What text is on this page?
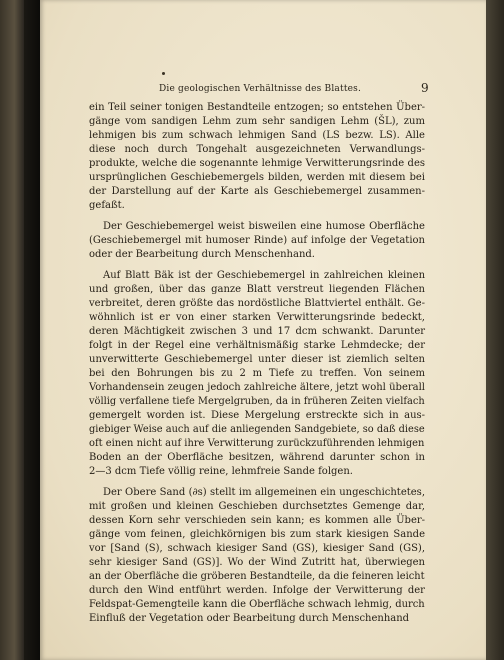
Die geologischen Verhältnisse des Blattes.	9

ein Teil seiner tonigen Bestandteile entzogen; so entstehen Über-
gänge vom sandigen Lehm zum sehr sandigen Lehm (ŠL), zum
lehmigen bis zum schwach lehmigen Sand (LS bezw. LS). Alle
diese noch durch Tongehalt ausgezeichneten Verwandlungs-
produkte, welche die sogenannte lehmige Verwitterungsrinde des
ursprünglichen Geschiebemergels bilden, werden mit diesem bei
der Darstellung auf der Karte als Geschiebemergel zusammen-
gefaßt.

Der Geschiebemergel weist bisweilen eine humose Oberfläche
(Geschiebemergel mit humoser Rinde) auf infolge der Vegetation
oder der Bearbeitung durch Menschenhand.

Auf Blatt Bäk ist der Geschiebemergel in zahlreichen kleinen
und großen, über das ganze Blatt verstreut liegenden Flächen
verbreitet, deren größte das nordöstliche Blattviertel enthält. Ge-
wöhnlich ist er von einer starken Verwitterungsrinde bedeckt,
deren Mächtigkeit zwischen 3 und 17 dcm schwankt. Darunter
folgt in der Regel eine verhältnismäßig starke Lehmdecke; der
unverwitterte Geschiebemergel unter dieser ist ziemlich selten
bei den Bohrungen bis zu 2 m Tiefe zu treffen. Von seinem
Vorhandensein zeugen jedoch zahlreiche ältere, jetzt wohl überall
völlig verfallene tiefe Mergelgruben, da in früheren Zeiten vielfach
gemergelt worden ist. Diese Mergelung erstreckte sich in aus-
giebiger Weise auch auf die anliegenden Sandgebiete, so daß diese
oft einen nicht auf ihre Verwitterung zurückzuführenden lehmigen
Boden an der Oberfläche besitzen, während darunter schon in
2—3 dcm Tiefe völlig reine, lehmfreie Sande folgen.

Der Obere Sand (∂s) stellt im allgemeinen ein ungeschichtetes,
mit großen und kleinen Geschieben durchsetztes Gemenge dar,
dessen Korn sehr verschieden sein kann; es kommen alle Über-
gänge vom feinen, gleichkörnigen bis zum stark kiesigen Sande
vor [Sand (S), schwach kiesiger Sand (GS), kiesiger Sand (GS),
sehr kiesiger Sand (GS)]. Wo der Wind Zutritt hat, überwiegen
an der Oberfläche die gröberen Bestandteile, da die feineren leicht
durch den Wind entführt werden. Infolge der Verwitterung der
Feldspat-Gemengteile kann die Oberfläche schwach lehmig, durch
Einfluß der Vegetation oder Bearbeitung durch Menschenhand
